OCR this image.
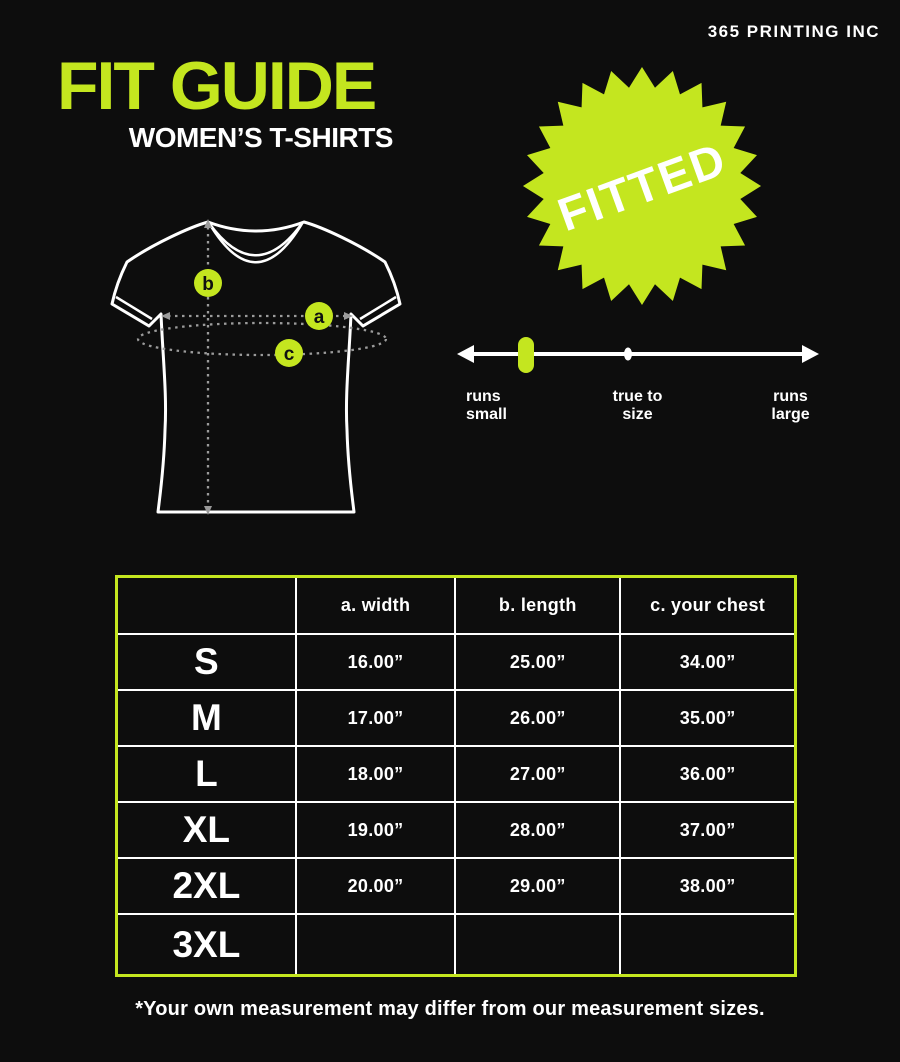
365 PRINTING INC
FIT GUIDE
WOMEN’S T-SHIRTS
b
a
c
FITTED
runs
small
true to
size
runs
large
	a. width	b. length	c. your chest
S	16.00”	25.00”	34.00”
M	17.00”	26.00”	35.00”
L	18.00”	27.00”	36.00”
XL	19.00”	28.00”	37.00”
2XL	20.00”	29.00”	38.00”
3XL			
*Your own measurement may differ from our measurement sizes.
